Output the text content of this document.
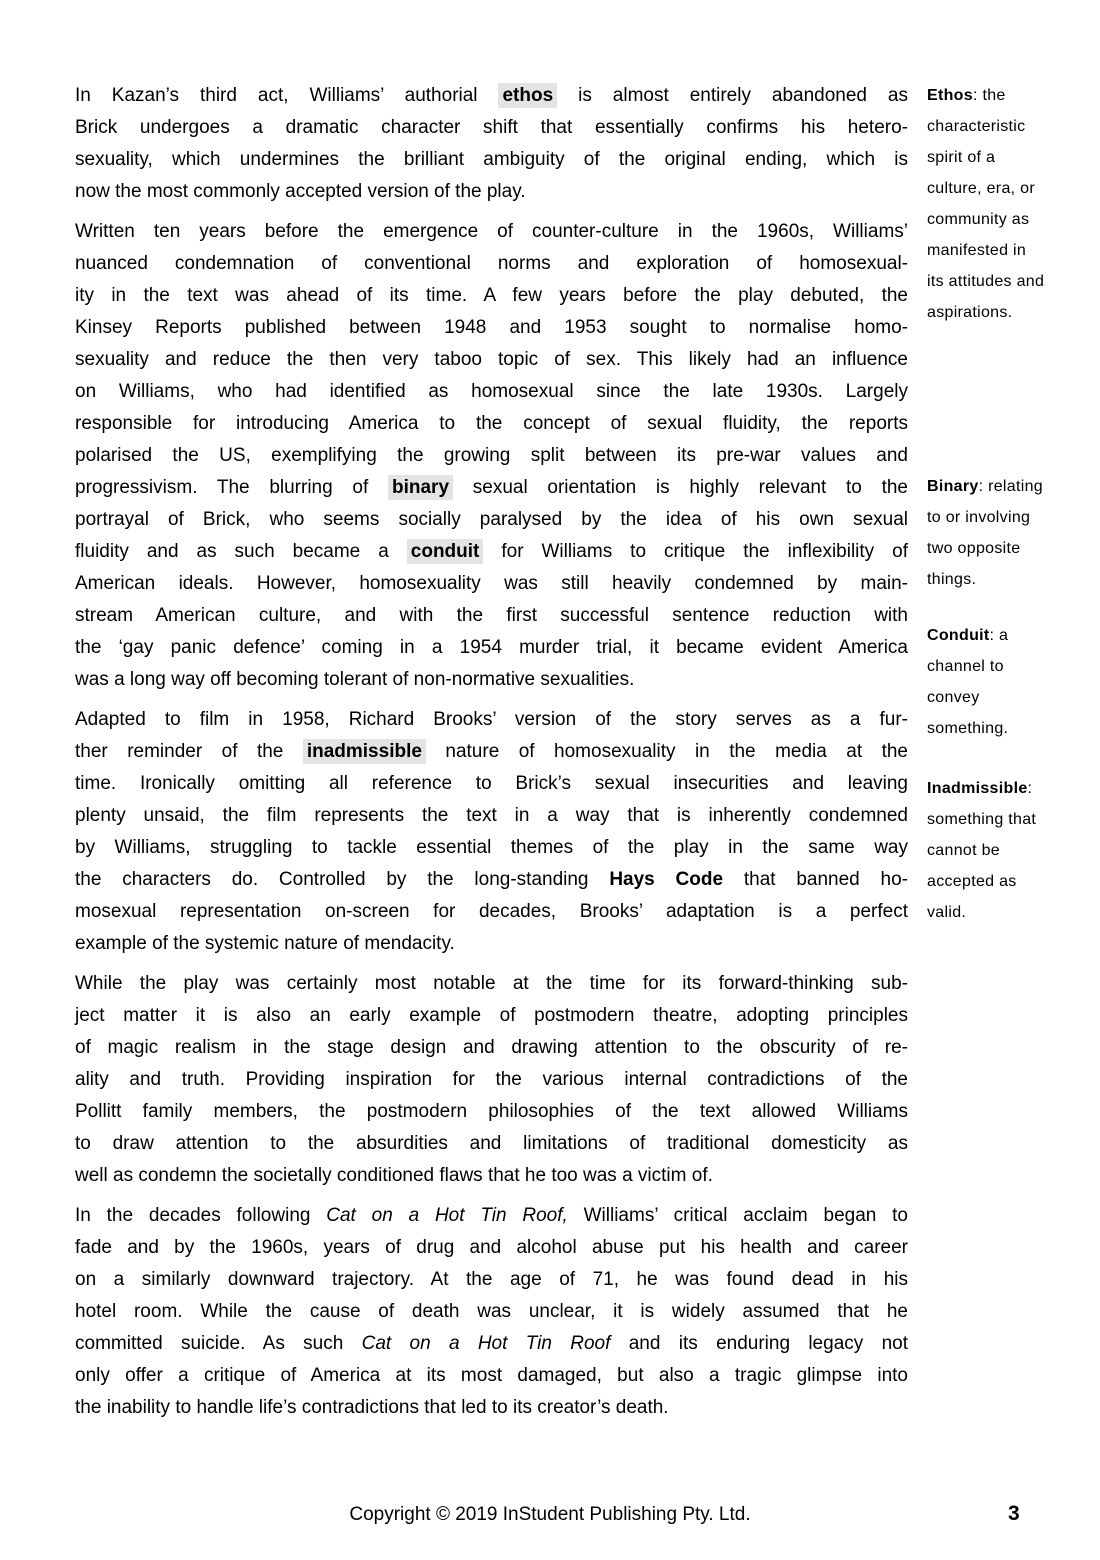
In Kazan’s third act, Williams’ authorial ethos is almost entirely abandoned as
Brick undergoes a dramatic character shift that essentially confirms his hetero-
sexuality, which undermines the brilliant ambiguity of the original ending, which is
now the most commonly accepted version of the play.
Written ten years before the emergence of counter-culture in the 1960s, Williams’
nuanced condemnation of conventional norms and exploration of homosexual-
ity in the text was ahead of its time. A few years before the play debuted, the
Kinsey Reports published between 1948 and 1953 sought to normalise homo-
sexuality and reduce the then very taboo topic of sex. This likely had an influence
on Williams, who had identified as homosexual since the late 1930s. Largely
responsible for introducing America to the concept of sexual fluidity, the reports
polarised the US, exemplifying the growing split between its pre-war values and
progressivism. The blurring of binary sexual orientation is highly relevant to the
portrayal of Brick, who seems socially paralysed by the idea of his own sexual
fluidity and as such became a conduit for Williams to critique the inflexibility of
American ideals. However, homosexuality was still heavily condemned by main-
stream American culture, and with the first successful sentence reduction with
the ‘gay panic defence’ coming in a 1954 murder trial, it became evident America
was a long way off becoming tolerant of non-normative sexualities.
Adapted to film in 1958, Richard Brooks’ version of the story serves as a fur-
ther reminder of the inadmissible nature of homosexuality in the media at the
time. Ironically omitting all reference to Brick’s sexual insecurities and leaving
plenty unsaid, the film represents the text in a way that is inherently condemned
by Williams, struggling to tackle essential themes of the play in the same way
the characters do. Controlled by the long-standing Hays Code that banned ho-
mosexual representation on-screen for decades, Brooks’ adaptation is a perfect
example of the systemic nature of mendacity.
While the play was certainly most notable at the time for its forward-thinking sub-
ject matter it is also an early example of postmodern theatre, adopting principles
of magic realism in the stage design and drawing attention to the obscurity of re-
ality and truth. Providing inspiration for the various internal contradictions of the
Pollitt family members, the postmodern philosophies of the text allowed Williams
to draw attention to the absurdities and limitations of traditional domesticity as
well as condemn the societally conditioned flaws that he too was a victim of.
In the decades following Cat on a Hot Tin Roof, Williams’ critical acclaim began to
fade and by the 1960s, years of drug and alcohol abuse put his health and career
on a similarly downward trajectory. At the age of 71, he was found dead in his
hotel room. While the cause of death was unclear, it is widely assumed that he
committed suicide. As such Cat on a Hot Tin Roof and its enduring legacy not
only offer a critique of America at its most damaged, but also a tragic glimpse into
the inability to handle life’s contradictions that led to its creator’s death.
Ethos: the
characteristic
spirit of a
culture, era, or
community as
manifested in
its attitudes and
aspirations.
Binary: relating
to or involving
two opposite
things.
Conduit: a
channel to
convey
something.
Inadmissible:
something that
cannot be
accepted as
valid.
Copyright © 2019 InStudent Publishing Pty. Ltd.	3
